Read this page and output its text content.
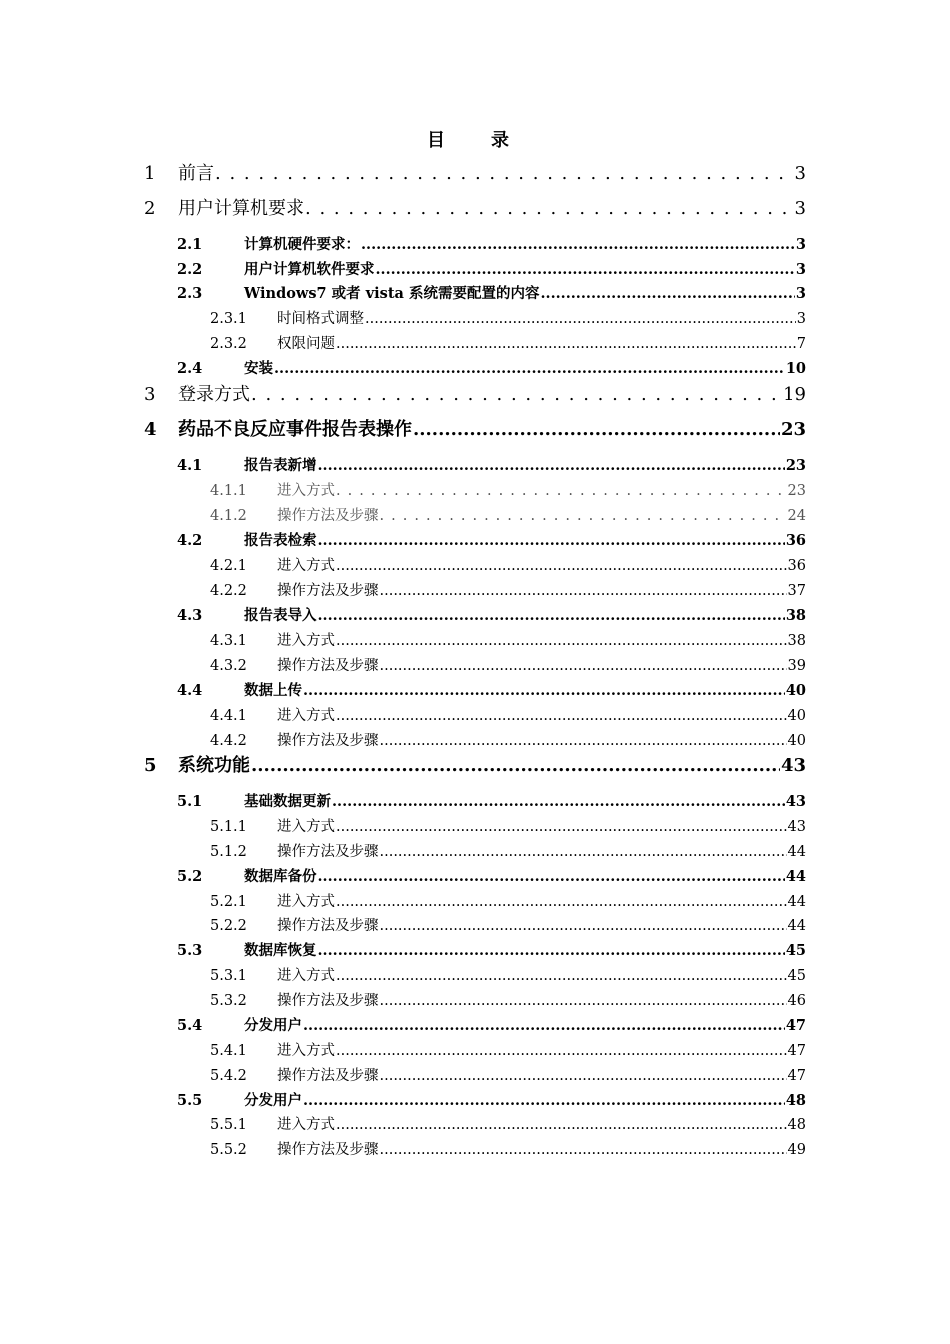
目　录
1	前言 . . .	3
2	用户计算机要求 . . .	3
2.1	计算机硬件要求： .....	3
2.2	用户计算机软件要求 .....	3
2.3	Windows7 或者 vista 系统需要配置的内容 .....	3
2.3.1	时间格式调整 .....	3
2.3.2	权限问题 .....	7
2.4	安装 .....	10
3	登录方式 . . .	19
4	药品不良反应事件报告表操作 .....	23
4.1	报告表新增 .....	23
4.1.1	进入方式 . . .	23
4.1.2	操作方法及步骤 . . .	24
4.2	报告表检索 .....	36
4.2.1	进入方式 .....	36
4.2.2	操作方法及步骤 .....	37
4.3	报告表导入 .....	38
4.3.1	进入方式 .....	38
4.3.2	操作方法及步骤 .....	39
4.4	数据上传 .....	40
4.4.1	进入方式 .....	40
4.4.2	操作方法及步骤 .....	40
5	系统功能 .....	43
5.1	基础数据更新 .....	43
5.1.1	进入方式 .....	43
5.1.2	操作方法及步骤 .....	44
5.2	数据库备份 .....	44
5.2.1	进入方式 .....	44
5.2.2	操作方法及步骤 .....	44
5.3	数据库恢复 .....	45
5.3.1	进入方式 .....	45
5.3.2	操作方法及步骤 .....	46
5.4	分发用户 .....	47
5.4.1	进入方式 .....	47
5.4.2	操作方法及步骤 .....	47
5.5	分发用户 .....	48
5.5.1	进入方式 .....	48
5.5.2	操作方法及步骤 .....	49
